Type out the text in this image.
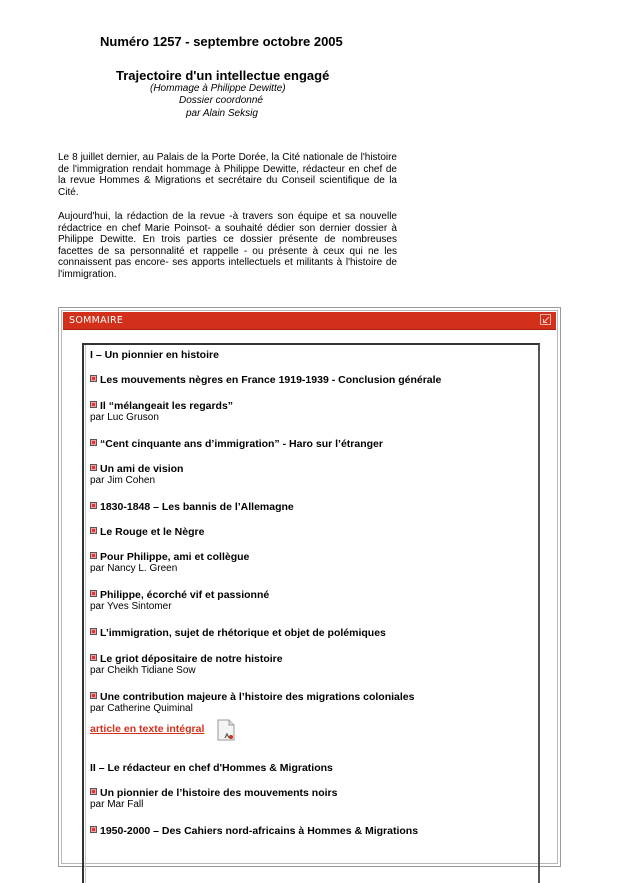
Numéro 1257 - septembre octobre 2005
Trajectoire d'un intellectue engagé
(Hommage à Philippe Dewitte)
Dossier coordonné
par Alain Seksig

Le 8 juillet dernier, au Palais de la Porte Dorée, la Cité nationale de l'histoire de l'immigration rendait hommage à Philippe Dewitte, rédacteur en chef de la revue Hommes & Migrations et secrétaire du Conseil scientifique de la Cité.

Aujourd'hui, la rédaction de la revue -à travers son équipe et sa nouvelle rédactrice en chef Marie Poinsot- a souhaité dédier son dernier dossier à Philippe Dewitte. En trois parties ce dossier présente de nombreuses facettes de sa personnalité et rappelle - ou présente à ceux qui ne les connaissent pas encore- ses apports intellectuels et militants à l'histoire de l'immigration.

SOMMAIRE
I – Un pionnier en histoire
Les mouvements nègres en France 1919-1939 - Conclusion générale
Il “mélangeait les regards”
par Luc Gruson
“Cent cinquante ans d’immigration” - Haro sur l’étranger
Un ami de vision
par Jim Cohen
1830-1848 – Les bannis de l’Allemagne
Le Rouge et le Nègre
Pour Philippe, ami et collègue
par Nancy L. Green
Philippe, écorché vif et passionné
par Yves Sintomer
L’immigration, sujet de rhétorique et objet de polémiques
Le griot dépositaire de notre histoire
par Cheikh Tidiane Sow
Une contribution majeure à l’histoire des migrations coloniales
par Catherine Quiminal
article en texte intégral
II – Le rédacteur en chef d'Hommes & Migrations
Un pionnier de l’histoire des mouvements noirs
par Mar Fall
1950-2000 – Des Cahiers nord-africains à Hommes & Migrations
